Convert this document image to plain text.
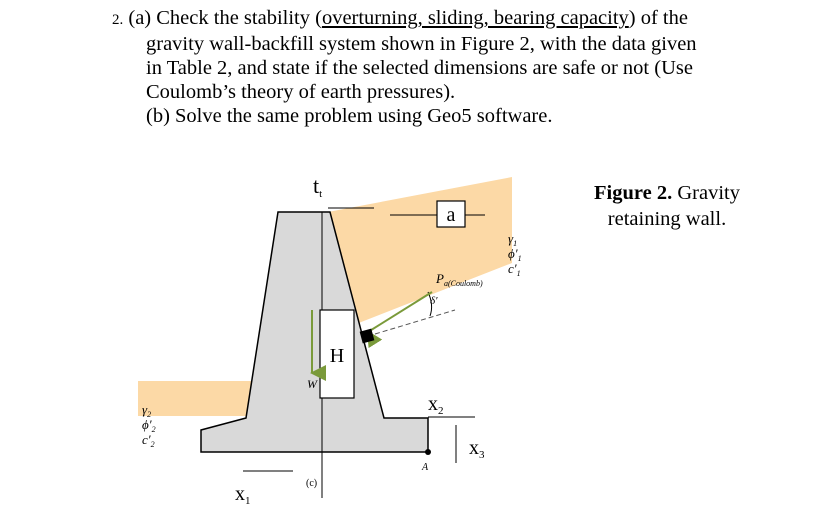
2. (a) Check the stability (overturning, sliding, bearing capacity) of the
gravity wall-backfill system shown in Figure 2, with the data given
in Table 2, and state if the selected dimensions are safe or not (Use
Coulomb’s theory of earth pressures).
(b) Solve the same problem using Geo5 software.
Figure 2. Gravity
retaining wall.
tt
a
H
W
$P_{a(Coulomb)}$
δ′
$\gamma_1$
$\phi'_1$
$c'_1$
$\gamma_2$
$\phi'_2$
$c'_2$
$x_2$
$x_3$
A
(c)
$x_1$
